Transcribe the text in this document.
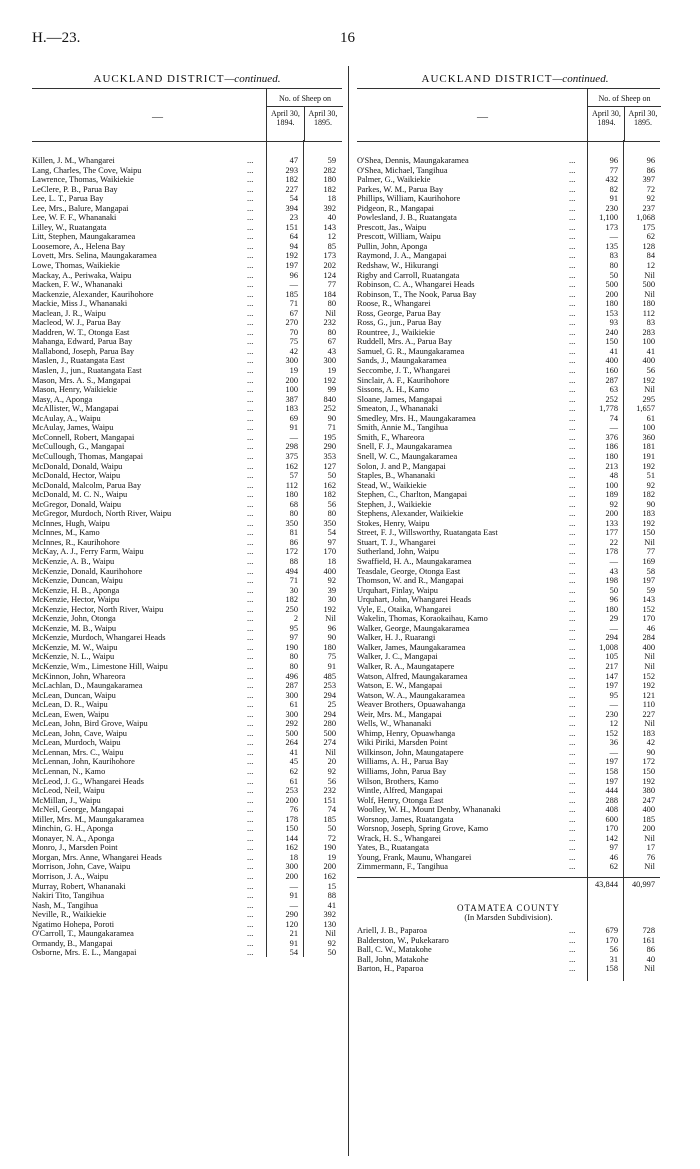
H.—23.	16
AUCKLAND DISTRICT—continued.	AUCKLAND DISTRICT—continued.
—
No. of Sheep on
April 30, 1894.
April 30, 1895.
Killen, J. M., Whangarei	...	47	59
Lang, Charles, The Cove, Waipu	...	293	282
Lawrence, Thomas, Waikiekie	...	182	180
LeClere, P. B., Parua Bay	...	227	182
Lee, L. T., Parua Bay	...	54	18
Lee, Mrs., Balure, Mangapai	...	394	392
Lee, W. F. F., Whananaki	...	23	40
Lilley, W., Ruatangata	...	151	143
Litt, Stephen, Maungakaramea	...	64	12
Loosemore, A., Helena Bay	...	94	85
Lovett, Mrs. Selina, Maungakaramea	...	192	173
Lowe, Thomas, Waikiekie	...	197	202
Mackay, A., Periwaka, Waipu	...	96	124
Macken, F. W., Whananaki	...	—	77
Mackenzie, Alexander, Kaurihohore	...	185	184
Mackie, Miss J., Whananaki	...	71	80
Maclean, J. R., Waipu	...	67	Nil
Macleod, W. J., Parua Bay	...	270	232
Maddren, W. T., Otonga East	...	70	80
Mahanga, Edward, Parua Bay	...	75	67
Mallabond, Joseph, Parua Bay	...	42	43
Maslen, J., Ruatangata East	...	300	300
Maslen, J., jun., Ruatangata East	...	19	19
Mason, Mrs. A. S., Mangapai	...	200	192
Mason, Henry, Waikiekie	...	100	99
Masy, A., Aponga	...	387	840
McAllister, W., Mangapai	...	183	252
McAulay, A., Waipu	...	69	90
McAulay, James, Waipu	...	91	71
McConnell, Robert, Mangapai	...	—	195
McCullough, G., Mangapai	...	298	290
McCullough, Thomas, Mangapai	...	375	353
McDonald, Donald, Waipu	...	162	127
McDonald, Hector, Waipu	...	57	50
McDonald, Malcolm, Parua Bay	...	112	162
McDonald, M. C. N., Waipu	...	180	182
McGregor, Donald, Waipu	...	68	56
McGregor, Murdoch, North River, Waipu	...	80	80
McInnes, Hugh, Waipu	...	350	350
McInnes, M., Kamo	...	81	54
McInnes, R., Kaurihohore	...	86	97
McKay, A. J., Ferry Farm, Waipu	...	172	170
McKenzie, A. B., Waipu	...	88	18
McKenzie, Donald, Kaurihohore	...	494	400
McKenzie, Duncan, Waipu	...	71	92
McKenzie, H. B., Aponga	...	30	39
McKenzie, Hector, Waipu	...	182	30
McKenzie, Hector, North River, Waipu	...	250	192
McKenzie, John, Otonga	...	2	Nil
McKenzie, M. B., Waipu	...	95	96
McKenzie, Murdoch, Whangarei Heads	...	97	90
McKenzie, M. W., Waipu	...	190	180
McKenzie, N. L., Waipu	...	80	75
McKenzie, Wm., Limestone Hill, Waipu	...	80	91
McKinnon, John, Whareora	...	496	485
McLachlan, D., Maungakaramea	...	287	253
McLean, Duncan, Waipu	...	300	294
McLean, D. R., Waipu	...	61	25
McLean, Ewen, Waipu	...	300	294
McLean, John, Bird Grove, Waipu	...	292	280
McLean, John, Cave, Waipu	...	500	500
McLean, Murdoch, Waipu	...	264	274
McLennan, Mrs. C., Waipu	...	41	Nil
McLennan, John, Kaurihohore	...	45	20
McLennan, N., Kamo	...	62	92
McLeod, J. G., Whangarei Heads	...	61	56
McLeod, Neil, Waipu	...	253	232
McMillan, J., Waipu	...	200	151
McNeil, George, Mangapai	...	76	74
Miller, Mrs. M., Maungakaramea	...	178	185
Minchin, G. H., Aponga	...	150	50
Monayer, N. A., Aponga	...	144	72
Monro, J., Marsden Point	...	162	190
Morgan, Mrs. Anne, Whangarei Heads	...	18	19
Morrison, John, Cave, Waipu	...	300	200
Morrison, J. A., Waipu	...	200	162
Murray, Robert, Whananaki	...	—	15
Nakiri Tito, Tangihua	...	91	88
Nash, M., Tangihua	...	—	41
Neville, R., Waikiekie	...	290	392
Ngatimo Hohepa, Poroti	...	120	130
O'Carroll, T., Maungakaramea	...	21	Nil
Ormandy, B., Mangapai	...	91	92
Osborne, Mrs. E. L., Mangapai	...	54	50
—
No. of Sheep on
April 30, 1894.
April 30, 1895.
O'Shea, Dennis, Maungakaramea	...	96	96
O'Shea, Michael, Tangihua	...	77	86
Palmer, G., Waikiekie	...	432	397
Parkes, W. M., Parua Bay	...	82	72
Phillips, William, Kaurihohore	...	91	92
Pidgeon, R., Mangapai	...	230	237
Powlesland, J. B., Ruatangata	...	1,100	1,068
Prescott, Jas., Waipu	...	173	175
Prescott, William, Waipu	...	—	62
Pullin, John, Aponga	...	135	128
Raymond, J. A., Mangapai	...	83	84
Redshaw, W., Hikurangi	...	80	12
Rigby and Carroll, Ruatangata	...	50	Nil
Robinson, C. A., Whangarei Heads	...	500	500
Robinson, T., The Nook, Parua Bay	...	200	Nil
Roose, R., Whangarei	...	180	180
Ross, George, Parua Bay	...	153	112
Ross, G., jun., Parua Bay	...	93	83
Rountree, J., Waikiekie	...	240	283
Ruddell, Mrs. A., Parua Bay	...	150	100
Samuel, G. R., Maungakaramea	...	41	41
Sands, J., Maungakaramea	...	400	400
Seccombe, J. T., Whangarei	...	160	56
Sinclair, A. F., Kaurihohore	...	287	192
Sissons, A. H., Kamo	...	63	Nil
Sloane, James, Mangapai	...	252	295
Smeaton, J., Whananaki	...	1,778	1,657
Smedley, Mrs. H., Maungakaramea	...	74	61
Smith, Annie M., Tangihua	...	—	100
Smith, F., Whareora	...	376	360
Snell, F. J., Maungakaramea	...	186	181
Snell, W. C., Maungakaramea	...	180	191
Solon, J. and P., Mangapai	...	213	192
Staples, B., Whananaki	...	48	51
Stead, W., Waikiekie	...	100	92
Stephen, C., Charlton, Mangapai	...	189	182
Stephen, J., Waikiekie	...	92	90
Stephens, Alexander, Waikiekie	...	200	183
Stokes, Henry, Waipu	...	133	192
Street, F. J., Willsworthy, Ruatangata East	...	177	150
Stuart, T. J., Whangarei	...	22	Nil
Sutherland, John, Waipu	...	178	77
Swaffield, H. A., Maungakaramea	...	—	169
Teasdale, George, Otonga East	...	43	58
Thomson, W. and R., Mangapai	...	198	197
Urquhart, Finlay, Waipu	...	50	59
Urquhart, John, Whangarei Heads	...	96	143
Vyle, E., Otaika, Whangarei	...	180	152
Wakelin, Thomas, Koraokaihau, Kamo	...	29	170
Walker, George, Maungakaramea	...	—	46
Walker, H. J., Ruarangi	...	294	284
Walker, James, Maungakaramea	...	1,008	400
Walker, J. C., Mangapai	...	105	Nil
Walker, R. A., Maungatapere	...	217	Nil
Watson, Alfred, Maungakaramea	...	147	152
Watson, E. W., Mangapai	...	197	192
Watson, W. A., Maungakaramea	...	95	121
Weaver Brothers, Opuawahanga	...	—	110
Weir, Mrs. M., Mangapai	...	230	227
Wells, W., Whananaki	...	12	Nil
Whimp, Henry, Opuawhanga	...	152	183
Wiki Piriki, Marsden Point	...	36	42
Wilkinson, John, Maungatapere	...	—	90
Williams, A. H., Parua Bay	...	197	172
Williams, John, Parua Bay	...	158	150
Wilson, Brothers, Kamo	...	197	192
Wintle, Alfred, Mangapai	...	444	380
Wolf, Henry, Otonga East	...	288	247
Woolley, W. H., Mount Denby, Whananaki	...	408	400
Worsnop, James, Ruatangata	...	600	185
Worsnop, Joseph, Spring Grove, Kamo	...	170	200
Wrack, H. S., Whangarei	...	142	Nil
Yates, B., Ruatangata	...	97	17
Young, Frank, Maunu, Whangarei	...	46	76
Zimmermann, F., Tangihua	...	62	Nil
43,844	40,997
OTAMATEA COUNTY
(In Marsden Subdivision).
Ariell, J. B., Paparoa	...	679	728
Balderston, W., Pukekararo	...	170	161
Ball, C. W., Matakohe	...	56	86
Ball, John, Matakohe	...	31	40
Barton, H., Paparoa	...	158	Nil
